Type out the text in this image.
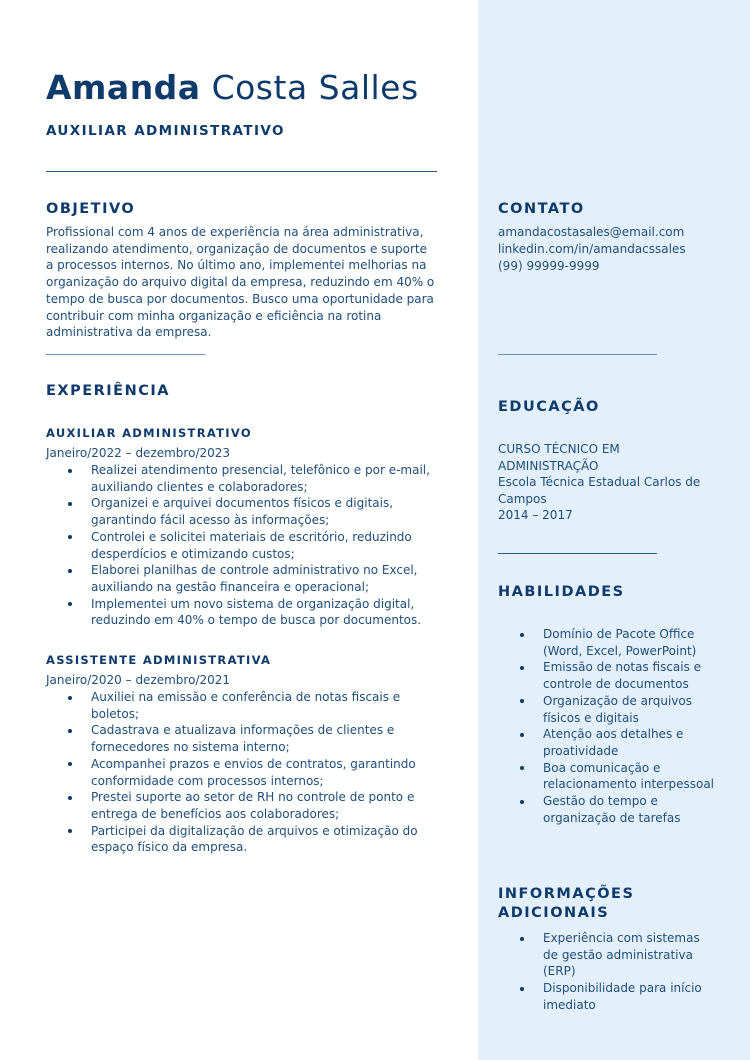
Amanda Costa Salles
AUXILIAR ADMINISTRATIVO
OBJETIVO

Profissional com 4 anos de experiência na área administrativa, realizando atendimento, organização de documentos e suporte a processos internos. No último ano, implementei melhorias na organização do arquivo digital da empresa, reduzindo em 40% o tempo de busca por documentos. Busco uma oportunidade para contribuir com minha organização e eficiência na rotina administrativa da empresa.

EXPERIÊNCIA
AUXILIAR ADMINISTRATIVO

Janeiro/2022 – dezembro/2023

Realizei atendimento presencial, telefônico e por e-mail, auxiliando clientes e colaboradores;
Organizei e arquivei documentos físicos e digitais, garantindo fácil acesso às informações;
Controlei e solicitei materiais de escritório, reduzindo desperdícios e otimizando custos;
Elaborei planilhas de controle administrativo no Excel, auxiliando na gestão financeira e operacional;
Implementei um novo sistema de organização digital, reduzindo em 40% o tempo de busca por documentos.
ASSISTENTE ADMINISTRATIVA

Janeiro/2020 – dezembro/2021

Auxiliei na emissão e conferência de notas fiscais e boletos;
Cadastrava e atualizava informações de clientes e fornecedores no sistema interno;
Acompanhei prazos e envios de contratos, garantindo conformidade com processos internos;
Prestei suporte ao setor de RH no controle de ponto e entrega de benefícios aos colaboradores;
Participei da digitalização de arquivos e otimização do espaço físico da empresa.
CONTATO

amandacostasales@email.com

linkedin.com/in/amandacssales

(99) 99999-9999

EDUCAÇÃO

CURSO TÉCNICO EM ADMINISTRAÇÃO

Escola Técnica Estadual Carlos de Campos

2014 – 2017

HABILIDADES
Domínio de Pacote Office (Word, Excel, PowerPoint)
Emissão de notas fiscais e controle de documentos
Organização de arquivos físicos e digitais
Atenção aos detalhes e proatividade
Boa comunicação e relacionamento interpessoal
Gestão do tempo e organização de tarefas
INFORMAÇÕES ADICIONAIS
Experiência com sistemas de gestão administrativa (ERP)
Disponibilidade para início imediato
